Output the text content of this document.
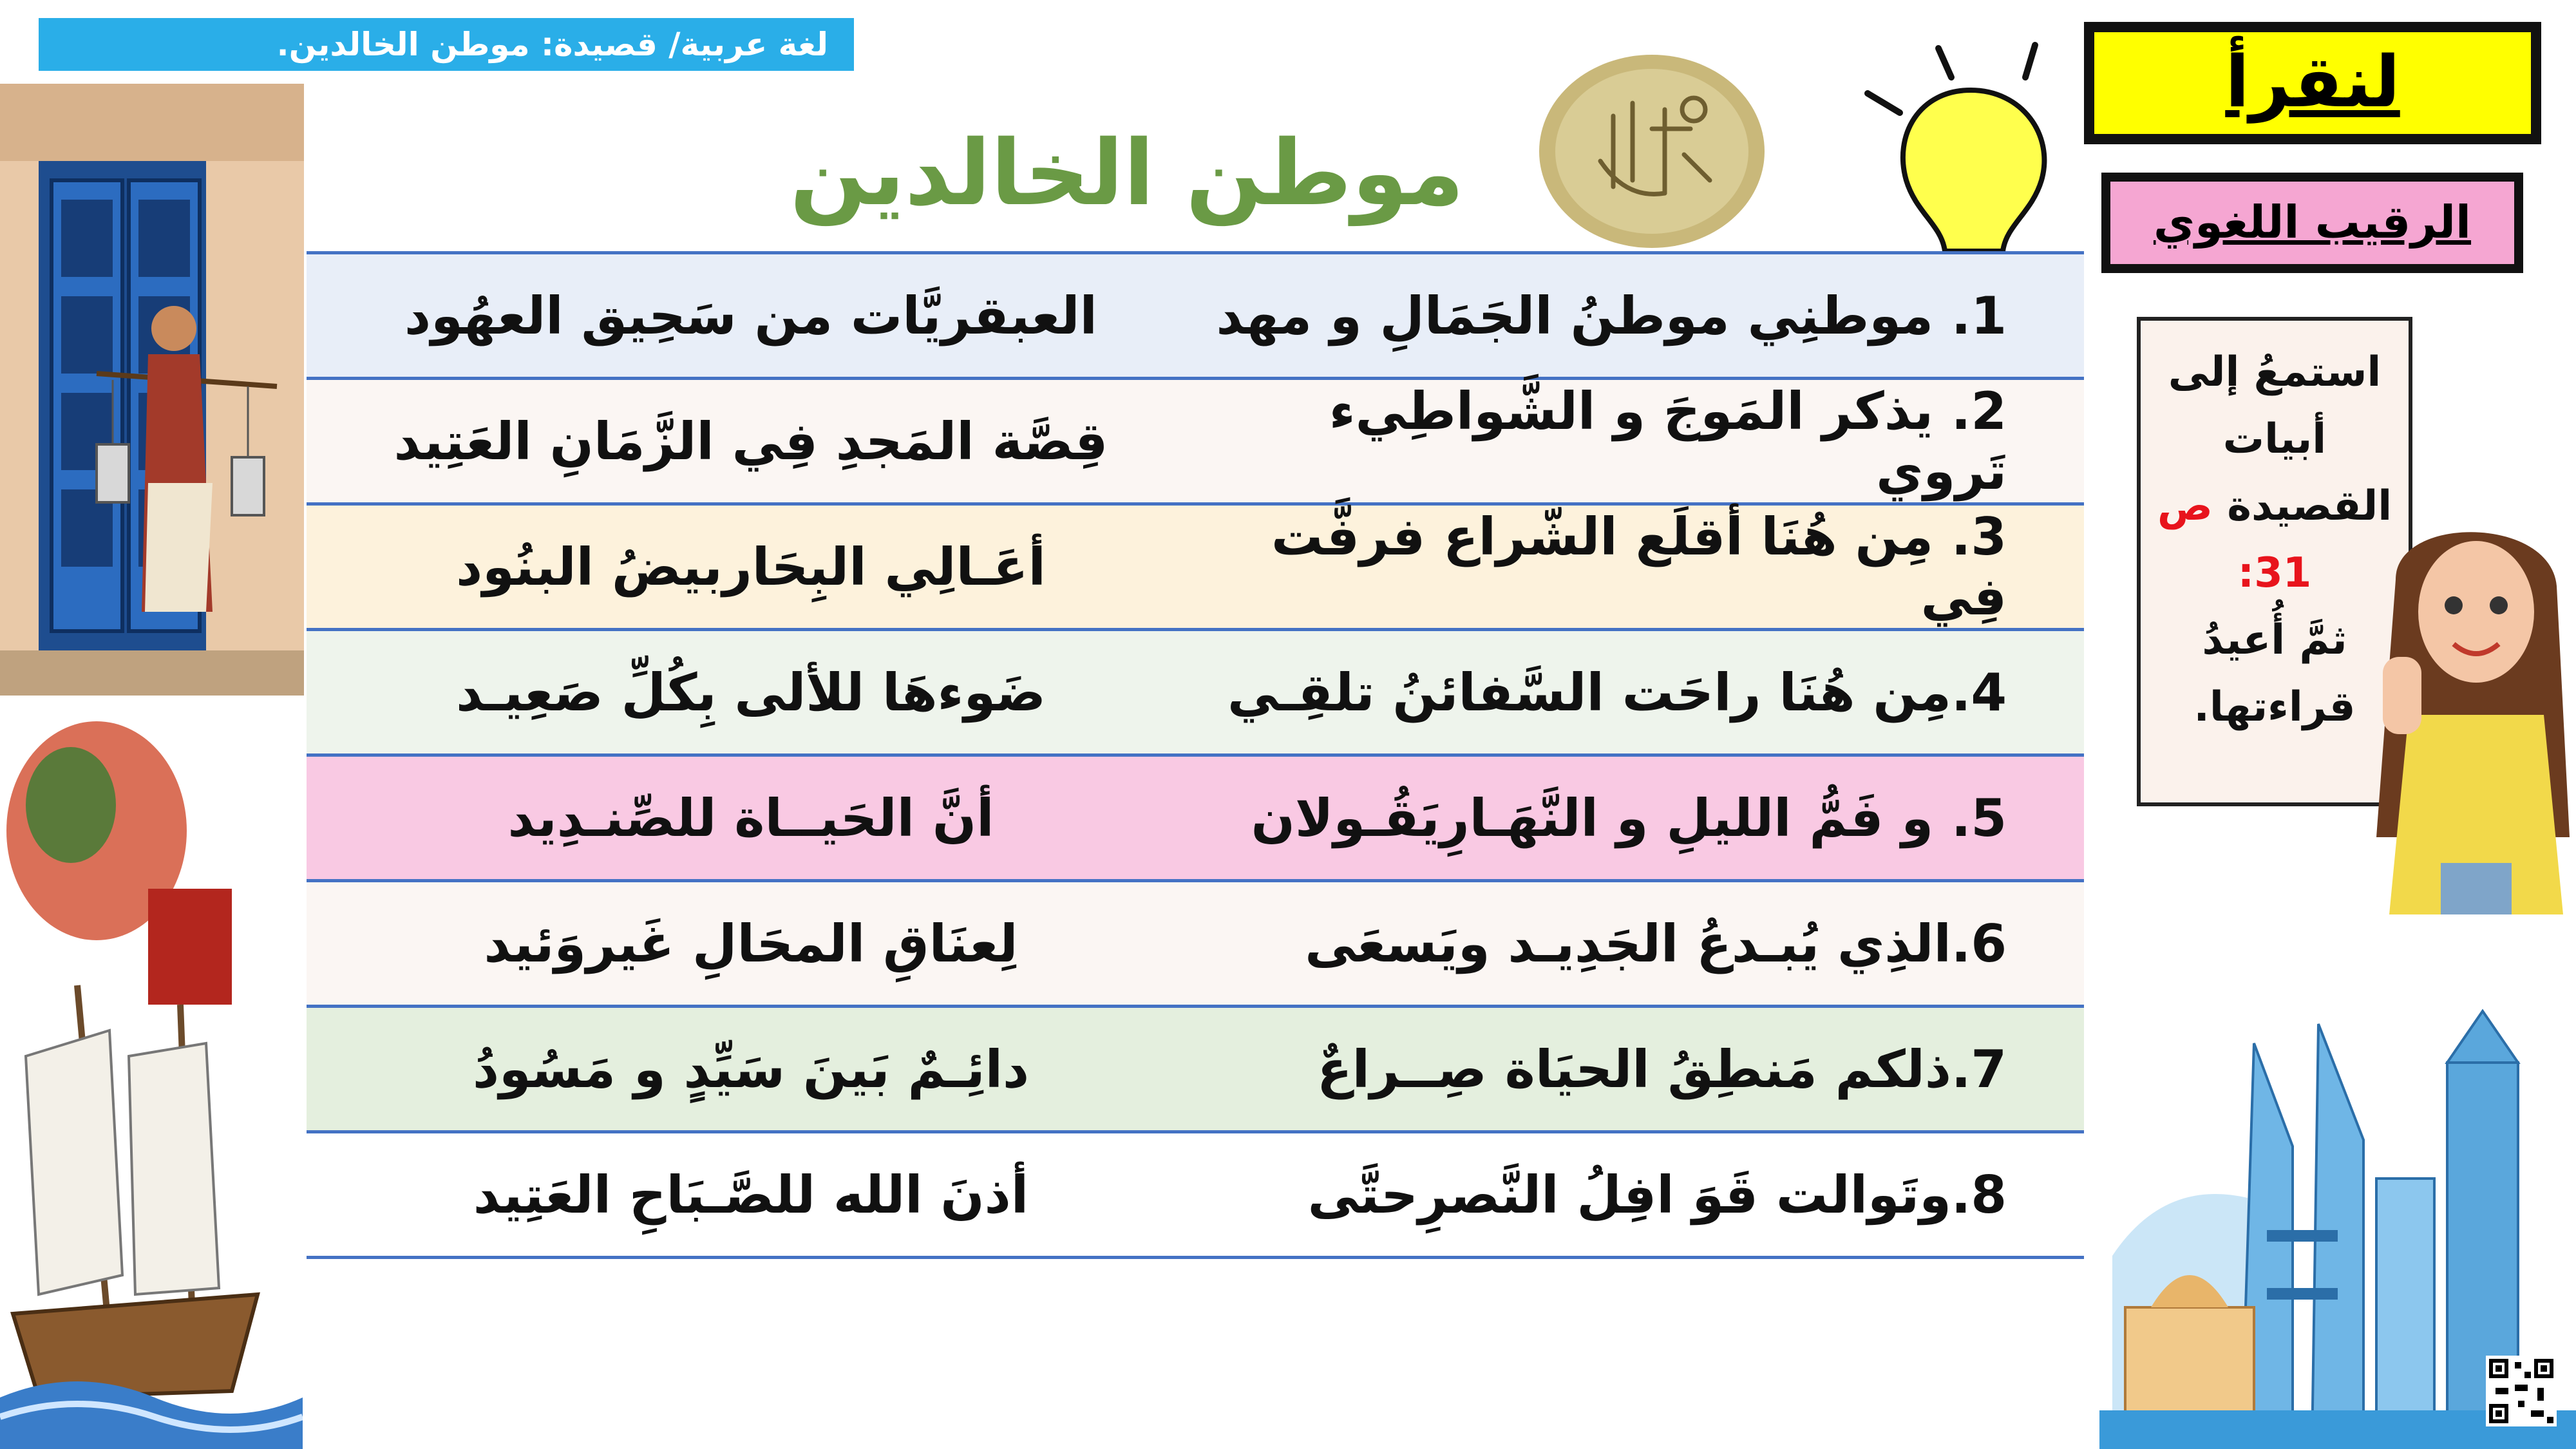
لغة عربية/ قصيدة: موطن الخالدين.
موطن الخالدين
لنقرأ
الرقيب اللغوي
استمعُ إلى
أبيات
القصيدة ص
31:
ثمَّ أُعيدُ
قراءتها.
1. موطنِي موطنُ الجَمَالِ و مهد	العبقريَّات من سَحِيق العهُود
2. يذكر المَوجَ و الشَّواطِيء تَروي	قِصَّة المَجدِ فِي الزَّمَانِ العَتِيد
3. مِن هُنَا أقلَع الشّراع فرفَّت فِي	أعَـالِي البِحَاربيضُ البنُود
4.مِن هُنَا راحَت السَّفائنُ تلقِـي	ضَوءهَا للألى بِكُلِّ صَعِيـد
5. و فَمُّ الليلِ و النَّهَـارِيَقُـولان	أنَّ الحَيــاة للصِّنـدِيد
6.الذِي يُبـدعُ الجَدِيـد ويَسعَى	لِعنَاقِ المحَالِ غَيروَئيد
7.ذلكم مَنطِقُ الحيَاة صِــراعٌ	دائِـمٌ بَينَ سَيِّدٍ و مَسُودُ
8.وتَوالت قَوَ افِلُ النَّصرِحتَّى	أذنَ الله للصَّـبَاحِ العَتِيد
